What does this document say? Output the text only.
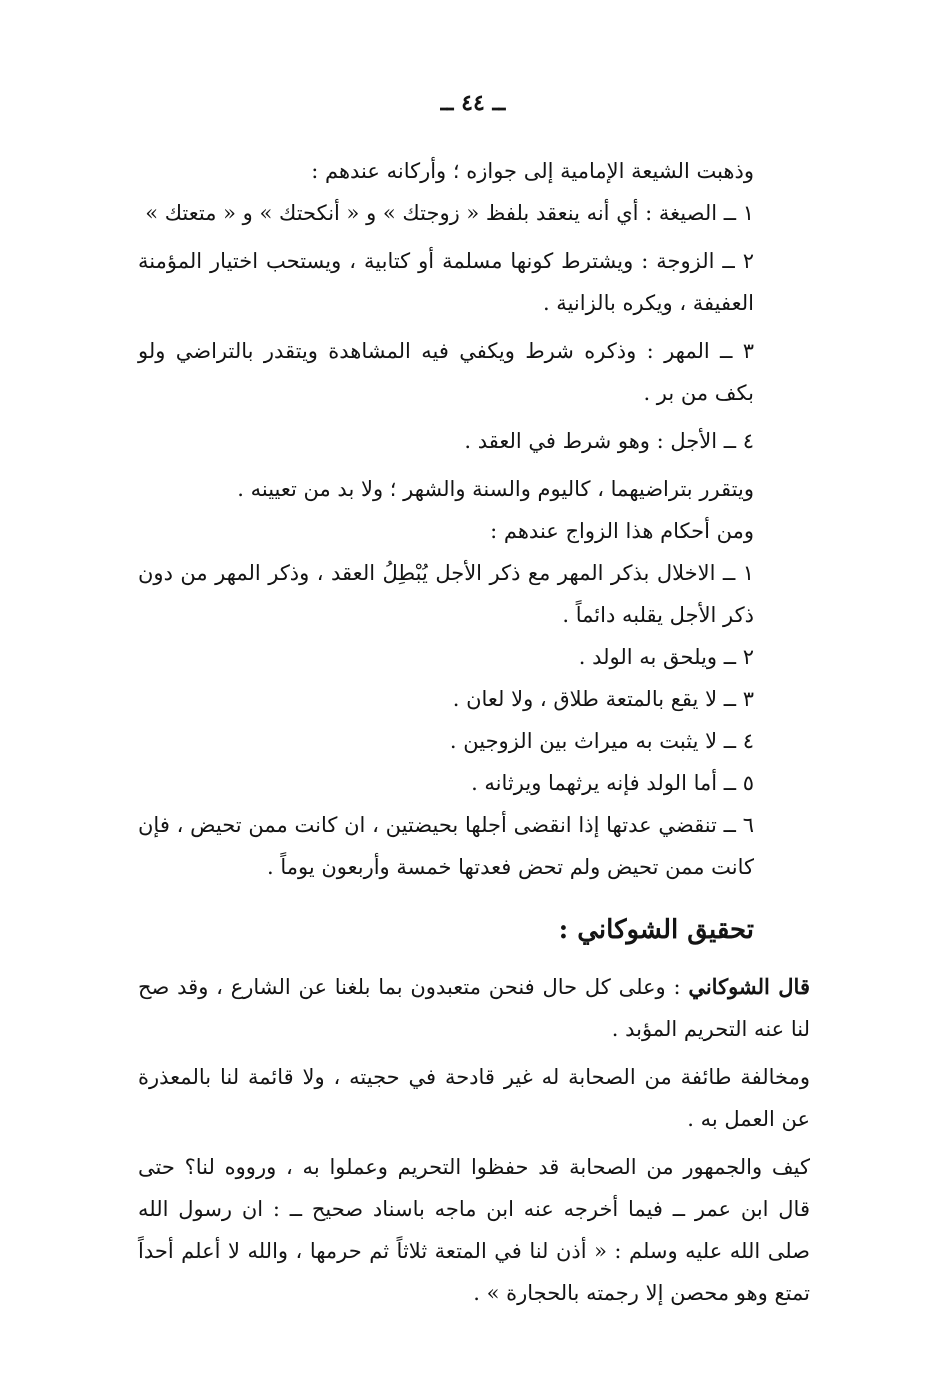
ــ ٤٤ ــ

وذهبت الشيعة الإمامية إلى جوازه ؛ وأركانه عندهم :

١ ــ الصيغة : أي أنه ينعقد بلفظ « زوجتك » و « أنكحتك » و « متعتك »

٢ ــ الزوجة : ويشترط كونها مسلمة أو كتابية ، ويستحب اختيار المؤمنة العفيفة ، ويكره بالزانية .

٣ ــ المهر : وذكره شرط ويكفي فيه المشاهدة ويتقدر بالتراضي ولو بكف من بر .

٤ ــ الأجل : وهو شرط في العقد .

ويتقرر بتراضيهما ، كاليوم والسنة والشهر ؛ ولا بد من تعيينه .

ومن أحكام هذا الزواج عندهم :

١ ــ الاخلال بذكر المهر مع ذكر الأجل يُبْطِلُ العقد ، وذكر المهر من دون ذكر الأجل يقلبه دائماً .

٢ ــ ويلحق به الولد .

٣ ــ لا يقع بالمتعة طلاق ، ولا لعان .

٤ ــ لا يثبت به ميراث بين الزوجين .

٥ ــ أما الولد فإنه يرثهما ويرثانه .

٦ ــ تنقضي عدتها إذا انقضى أجلها بحيضتين ، ان كانت ممن تحيض ، فإن كانت ممن تحيض ولم تحض فعدتها خمسة وأربعون يوماً .

تحقيق الشوكاني :

قال الشوكاني : وعلى كل حال فنحن متعبدون بما بلغنا عن الشارع ، وقد صح لنا عنه التحريم المؤبد .

ومخالفة طائفة من الصحابة له غير قادحة في حجيته ، ولا قائمة لنا بالمعذرة عن العمل به .

كيف والجمهور من الصحابة قد حفظوا التحريم وعملوا به ، ورووه لنا؟ حتى قال ابن عمر ــ فيما أخرجه عنه ابن ماجه باسناد صحيح ــ : ان رسول الله صلى الله عليه وسلم : « أذن لنا في المتعة ثلاثاً ثم حرمها ، والله لا أعلم أحداً تمتع وهو محصن إلا رجمته بالحجارة » .
